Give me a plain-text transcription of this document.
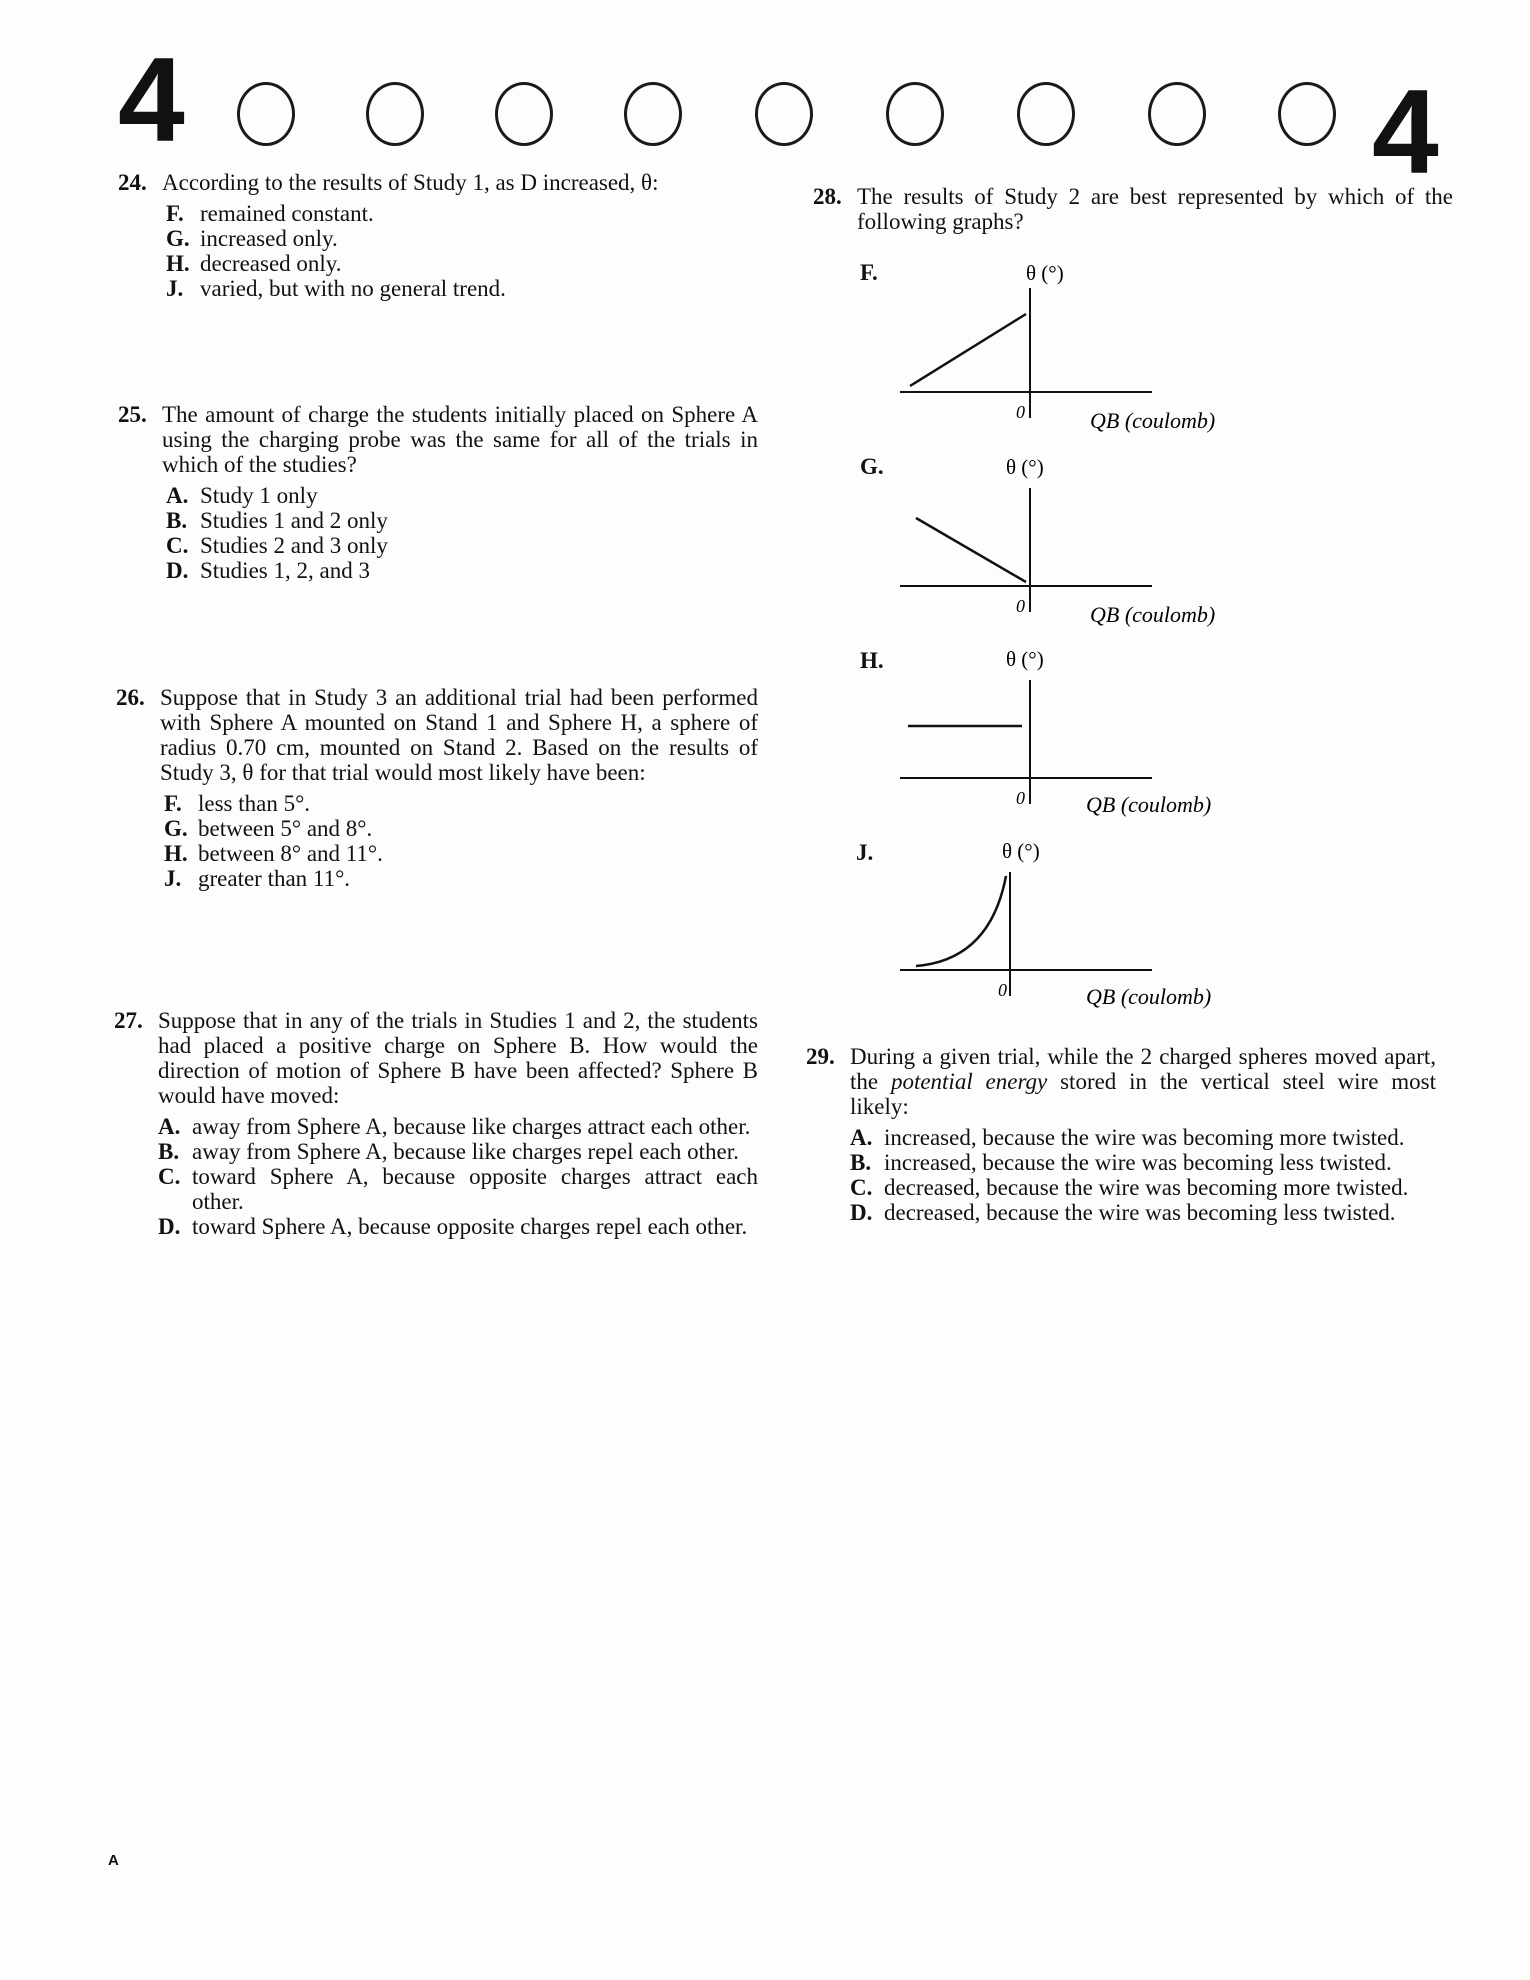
4	4
24. According to the results of Study 1, as D increased, θ:
F. remained constant.
G. increased only.
H. decreased only.
J. varied, but with no general trend.
25. The amount of charge the students initially placed on Sphere A using the charging probe was the same for all of the trials in which of the studies?
A. Study 1 only
B. Studies 1 and 2 only
C. Studies 2 and 3 only
D. Studies 1, 2, and 3
26. Suppose that in Study 3 an additional trial had been performed with Sphere A mounted on Stand 1 and Sphere H, a sphere of radius 0.70 cm, mounted on Stand 2. Based on the results of Study 3, θ for that trial would most likely have been:
F. less than 5°.
G. between 5° and 8°.
H. between 8° and 11°.
J. greater than 11°.
27. Suppose that in any of the trials in Studies 1 and 2, the students had placed a positive charge on Sphere B. How would the direction of motion of Sphere B have been affected? Sphere B would have moved:
A. away from Sphere A, because like charges attract each other.
B. away from Sphere A, because like charges repel each other.
C. toward Sphere A, because opposite charges attract each other.
D. toward Sphere A, because opposite charges repel each other.
28. The results of Study 2 are best represented by which of the following graphs?
F.	θ (°)
0	QB (coulomb)
G.	θ (°)
0	QB (coulomb)
H.	θ (°)
0	QB (coulomb)
J.	θ (°)
0	QB (coulomb)
29. During a given trial, while the 2 charged spheres moved apart, the potential energy stored in the vertical steel wire most likely:
A. increased, because the wire was becoming more twisted.
B. increased, because the wire was becoming less twisted.
C. decreased, because the wire was becoming more twisted.
D. decreased, because the wire was becoming less twisted.
A
